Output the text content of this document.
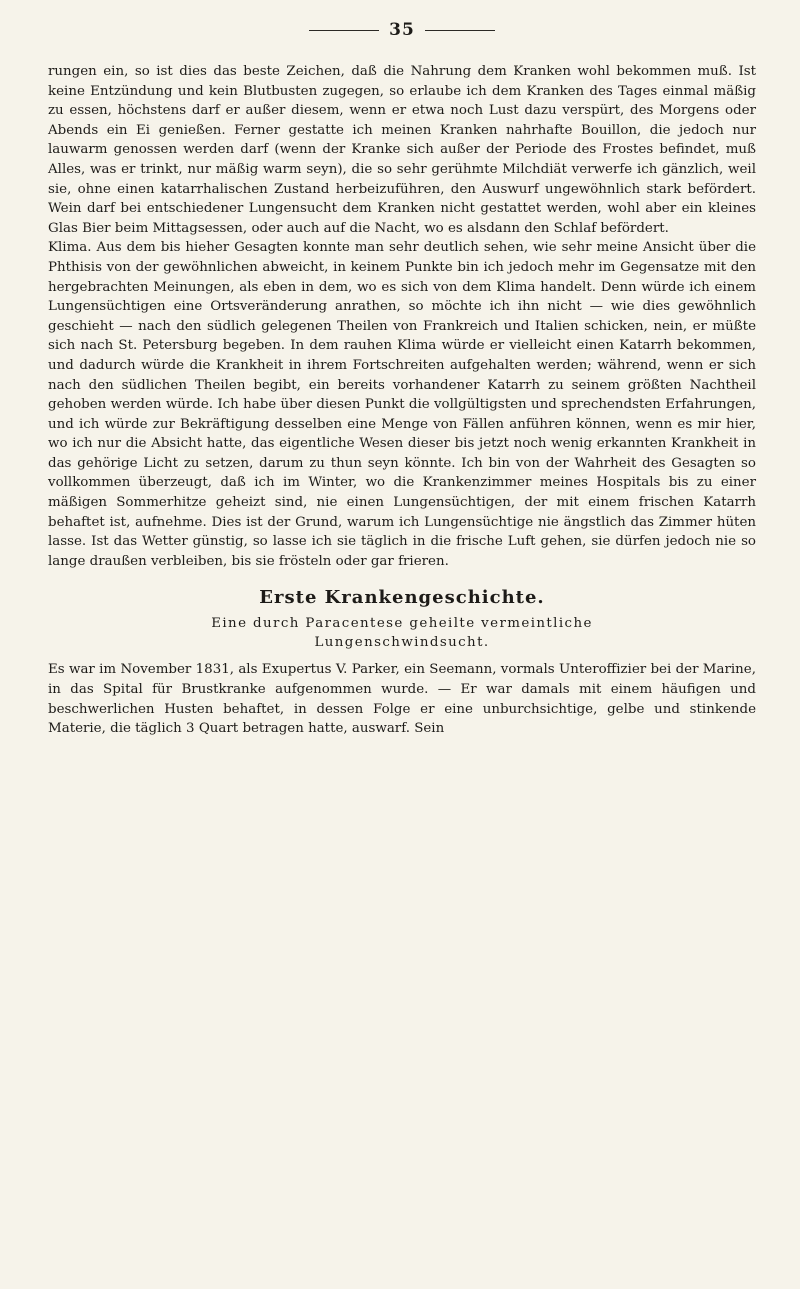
35

rungen ein, so ist dies das beste Zeichen, daß die Nahrung dem Kranken wohl bekommen muß. Ist keine Entzündung und kein Blutbusten zugegen, so erlaube ich dem Kranken des Tages einmal mäßig zu essen, höchstens darf er außer diesem, wenn er etwa noch Lust dazu verspürt, des Morgens oder Abends ein Ei genießen. Ferner gestatte ich meinen Kranken nahrhafte Bouillon, die jedoch nur lauwarm genossen werden darf (wenn der Kranke sich außer der Periode des Frostes befindet, muß Alles, was er trinkt, nur mäßig warm seyn), die so sehr gerühmte Milchdiät verwerfe ich gänzlich, weil sie, ohne einen katarrhalischen Zustand herbeizuführen, den Auswurf ungewöhnlich stark befördert. Wein darf bei entschiedener Lungensucht dem Kranken nicht gestattet werden, wohl aber ein kleines Glas Bier beim Mittagsessen, oder auch auf die Nacht, wo es alsdann den Schlaf befördert.

Klima. Aus dem bis hieher Gesagten konnte man sehr deutlich sehen, wie sehr meine Ansicht über die Phthisis von der gewöhnlichen abweicht, in keinem Punkte bin ich jedoch mehr im Gegensatze mit den hergebrachten Meinungen, als eben in dem, wo es sich von dem Klima handelt. Denn würde ich einem Lungensüchtigen eine Ortsveränderung anrathen, so möchte ich ihn nicht — wie dies gewöhnlich geschieht — nach den südlich gelegenen Theilen von Frankreich und Italien schicken, nein, er müßte sich nach St. Petersburg begeben. In dem rauhen Klima würde er vielleicht einen Katarrh bekommen, und dadurch würde die Krankheit in ihrem Fortschreiten aufgehalten werden; während, wenn er sich nach den südlichen Theilen begibt, ein bereits vorhandener Katarrh zu seinem größten Nachtheil gehoben werden würde. Ich habe über diesen Punkt die vollgültigsten und sprechendsten Erfahrungen, und ich würde zur Bekräftigung desselben eine Menge von Fällen anführen können, wenn es mir hier, wo ich nur die Absicht hatte, das eigentliche Wesen dieser bis jetzt noch wenig erkannten Krankheit in das gehörige Licht zu setzen, darum zu thun seyn könnte. Ich bin von der Wahrheit des Gesagten so vollkommen überzeugt, daß ich im Winter, wo die Krankenzimmer meines Hospitals bis zu einer mäßigen Sommerhitze geheizt sind, nie einen Lungensüchtigen, der mit einem frischen Katarrh behaftet ist, aufnehme. Dies ist der Grund, warum ich Lungensüchtige nie ängstlich das Zimmer hüten lasse. Ist das Wetter günstig, so lasse ich sie täglich in die frische Luft gehen, sie dürfen jedoch nie so lange draußen verbleiben, bis sie frösteln oder gar frieren.

Erste Krankengeschichte.
Eine durch Paracentese geheilte vermeintliche
Lungenschwindsucht.

Es war im November 1831, als Exupertus V. Parker, ein Seemann, vormals Unteroffizier bei der Marine, in das Spital für Brustkranke aufgenommen wurde. — Er war damals mit einem häufigen und beschwerlichen Husten behaftet, in dessen Folge er eine unburchsichtige, gelbe und stinkende Materie, die täglich 3 Quart betragen hatte, auswarf. Sein
